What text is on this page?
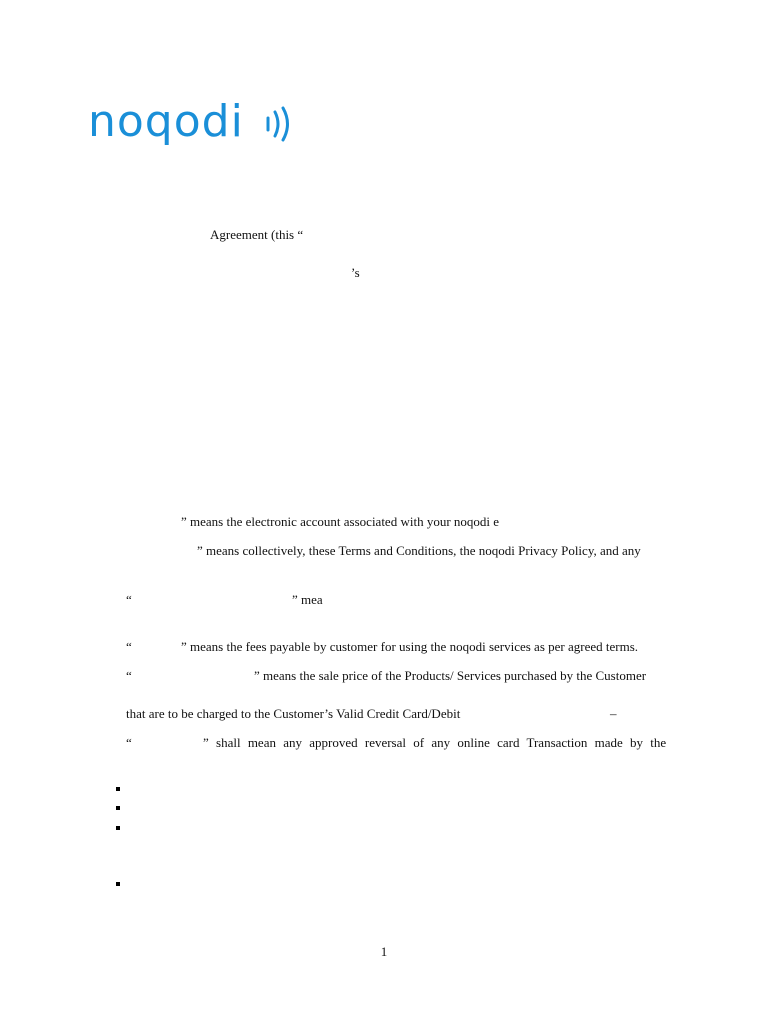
noqodi
Agreement (this “
’s
” means the electronic account associated with your noqodi e
” means collectively, these Terms and Conditions, the noqodi Privacy Policy, and any
“	” mea
“	” means the fees payable by customer for using the noqodi services as per agreed terms.
“	” means the sale price of the Products/ Services purchased by the Customer
that are to be charged to the Customer’s Valid Credit Card/Debit	–
“	” shall mean any approved reversal of any online card Transaction made by the
1
